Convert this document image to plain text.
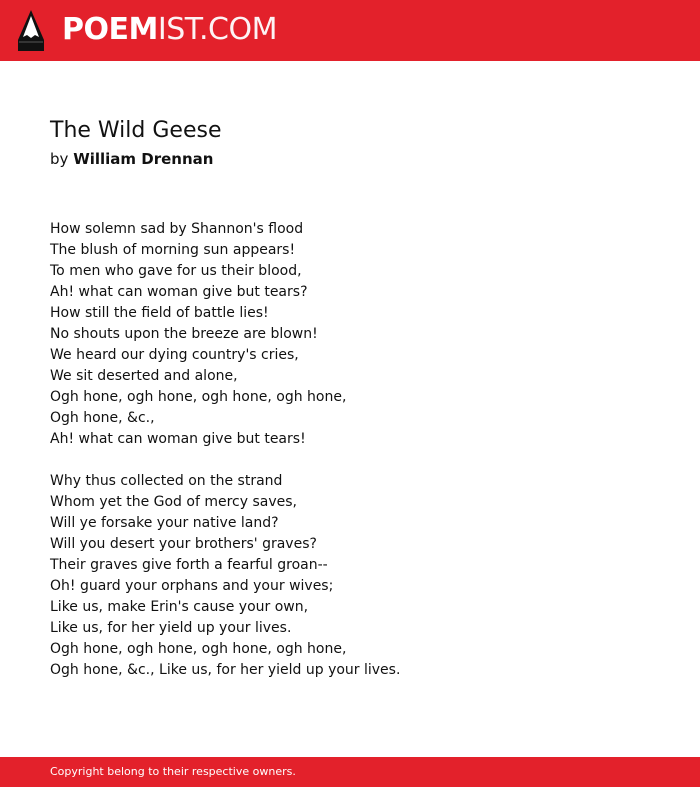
POEMIST.COM
The Wild Geese
by William Drennan
How solemn sad by Shannon's flood
The blush of morning sun appears!
To men who gave for us their blood,
Ah! what can woman give but tears?
How still the field of battle lies!
No shouts upon the breeze are blown!
We heard our dying country's cries,
We sit deserted and alone,
Ogh hone, ogh hone, ogh hone, ogh hone,
Ogh hone, &c.,
Ah! what can woman give but tears!
Why thus collected on the strand
Whom yet the God of mercy saves,
Will ye forsake your native land?
Will you desert your brothers' graves?
Their graves give forth a fearful groan--
Oh! guard your orphans and your wives;
Like us, make Erin's cause your own,
Like us, for her yield up your lives.
Ogh hone, ogh hone, ogh hone, ogh hone,
Ogh hone, &c., Like us, for her yield up your lives.
Copyright belong to their respective owners.
